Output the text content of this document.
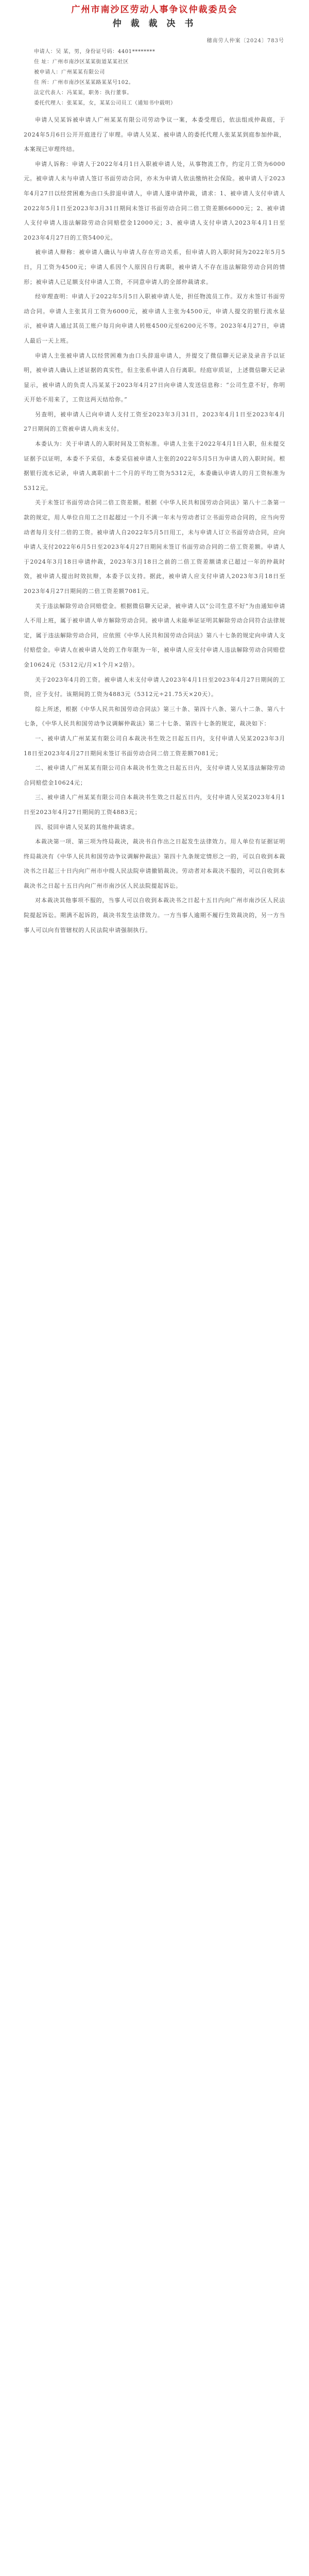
广州市南沙区劳动人事争议仲裁委员会
仲 裁 裁 决 书
穗南劳人仲案〔2024〕783号
申请人：吴 某，男，身份证号码：4401********
住 址：广州市南沙区某某街道某某社区
被申请人：广州某某有限公司
住 所：广州市南沙区某某路某某号102。
法定代表人：冯某某，职务：执行董事。
委托代理人：张某某，女，某某公司员工（通知书中载明）

申请人吴某诉被申请人广州某某有限公司劳动争议一案，本委受理后，依法组成仲裁庭，于2024年5月6日公开开庭进行了审理。申请人吴某、被申请人的委托代理人张某某到庭参加仲裁，本案现已审理终结。

申请人诉称：申请人于2022年4月1日入职被申请人处，从事物流工作，约定月工资为6000元。被申请人未与申请人签订书面劳动合同，亦未为申请人依法缴纳社会保险。被申请人于2023年4月27日以经营困难为由口头辞退申请人，申请人遂申请仲裁，请求：1、被申请人支付申请人2022年5月1日至2023年3月31日期间未签订书面劳动合同二倍工资差额66000元；2、被申请人支付申请人违法解除劳动合同赔偿金12000元；3、被申请人支付申请人2023年4月1日至2023年4月27日的工资5400元。

被申请人辩称：被申请人确认与申请人存在劳动关系，但申请人的入职时间为2022年5月5日，月工资为4500元；申请人系因个人原因自行离职，被申请人不存在违法解除劳动合同的情形；被申请人已足额支付申请人工资，不同意申请人的全部仲裁请求。

经审理查明：申请人于2022年5月5日入职被申请人处，担任物流员工作。双方未签订书面劳动合同。申请人主张其月工资为6000元，被申请人主张为4500元，申请人提交的银行流水显示，被申请人通过其员工账户每月向申请人转账4500元至6200元不等。2023年4月27日，申请人最后一天上班。

申请人主张被申请人以经营困难为由口头辞退申请人，并提交了微信聊天记录及录音予以证明，被申请人确认上述证据的真实性，但主张系申请人自行离职。经庭审质证，上述微信聊天记录显示，被申请人的负责人冯某某于2023年4月27日向申请人发送信息称：“公司生意不好，你明天开始不用来了，工资这两天结给你。”

另查明，被申请人已向申请人支付工资至2023年3月31日，2023年4月1日至2023年4月27日期间的工资被申请人尚未支付。

本委认为：关于申请人的入职时间及工资标准。申请人主张于2022年4月1日入职，但未提交证据予以证明，本委不予采信，本委采信被申请人主张的2022年5月5日为申请人的入职时间。根据银行流水记录，申请人离职前十二个月的平均工资为5312元，本委确认申请人的月工资标准为5312元。

关于未签订书面劳动合同二倍工资差额。根据《中华人民共和国劳动合同法》第八十二条第一款的规定，用人单位自用工之日起超过一个月不满一年未与劳动者订立书面劳动合同的，应当向劳动者每月支付二倍的工资。被申请人自2022年5月5日用工，未与申请人订立书面劳动合同，应向申请人支付2022年6月5日至2023年4月27日期间未签订书面劳动合同的二倍工资差额。申请人于2024年3月18日申请仲裁，2023年3月18日之前的二倍工资差额请求已超过一年的仲裁时效，被申请人提出时效抗辩，本委予以支持。据此，被申请人应支付申请人2023年3月18日至2023年4月27日期间的二倍工资差额7081元。

关于违法解除劳动合同赔偿金。根据微信聊天记录，被申请人以“公司生意不好”为由通知申请人不用上班，属于被申请人单方解除劳动合同。被申请人未能举证证明其解除劳动合同符合法律规定，属于违法解除劳动合同，应依照《中华人民共和国劳动合同法》第八十七条的规定向申请人支付赔偿金。申请人在被申请人处的工作年限为一年，被申请人应支付申请人违法解除劳动合同赔偿金10624元（5312元/月×1个月×2倍）。

关于2023年4月的工资。被申请人未支付申请人2023年4月1日至2023年4月27日期间的工资，应予支付。该期间的工资为4883元（5312元÷21.75天×20天）。

综上所述，根据《中华人民共和国劳动合同法》第三十条、第四十八条、第八十二条、第八十七条，《中华人民共和国劳动争议调解仲裁法》第二十七条、第四十七条的规定，裁决如下：

一、被申请人广州某某有限公司自本裁决书生效之日起五日内，支付申请人吴某2023年3月18日至2023年4月27日期间未签订书面劳动合同二倍工资差额7081元；

二、被申请人广州某某有限公司自本裁决书生效之日起五日内，支付申请人吴某违法解除劳动合同赔偿金10624元；

三、被申请人广州某某有限公司自本裁决书生效之日起五日内，支付申请人吴某2023年4月1日至2023年4月27日期间的工资4883元；

四、驳回申请人吴某的其他仲裁请求。

本裁决第一项、第三项为终局裁决，裁决书自作出之日起发生法律效力。用人单位有证据证明终局裁决有《中华人民共和国劳动争议调解仲裁法》第四十九条规定情形之一的，可以自收到本裁决书之日起三十日内向广州市中级人民法院申请撤销裁决。劳动者对本裁决不服的，可以自收到本裁决书之日起十五日内向广州市南沙区人民法院提起诉讼。

对本裁决其他事项不服的，当事人可以自收到本裁决书之日起十五日内向广州市南沙区人民法院提起诉讼。期满不起诉的，裁决书发生法律效力。一方当事人逾期不履行生效裁决的，另一方当事人可以向有管辖权的人民法院申请强制执行。
